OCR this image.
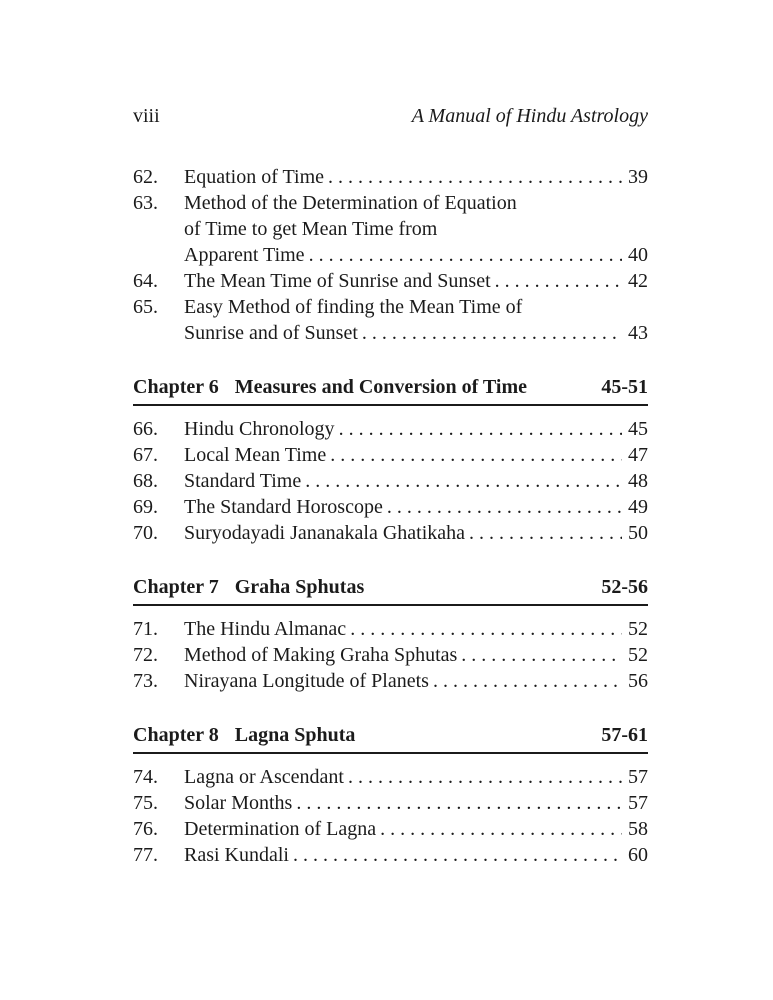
viii	A Manual of Hindu Astrology
62.	Equation of Time .....	39
63.	Method of the Determination of Equation
of Time to get Mean Time from
Apparent Time .....	40
64.	The Mean Time of Sunrise and Sunset .....	42
65.	Easy Method of finding the Mean Time of
Sunrise and of Sunset .....	43
Chapter 6 Measures and Conversion of Time	45-51
66.	Hindu Chronology .....	45
67.	Local Mean Time .....	47
68.	Standard Time .....	48
69.	The Standard Horoscope .....	49
70.	Suryodayadi Jananakala Ghatikaha .....	50
Chapter 7 Graha Sphutas	52-56
71.	The Hindu Almanac .....	52
72.	Method of Making Graha Sphutas .....	52
73.	Nirayana Longitude of Planets .....	56
Chapter 8 Lagna Sphuta	57-61
74.	Lagna or Ascendant .....	57
75.	Solar Months .....	57
76.	Determination of Lagna .....	58
77.	Rasi Kundali .....	60
